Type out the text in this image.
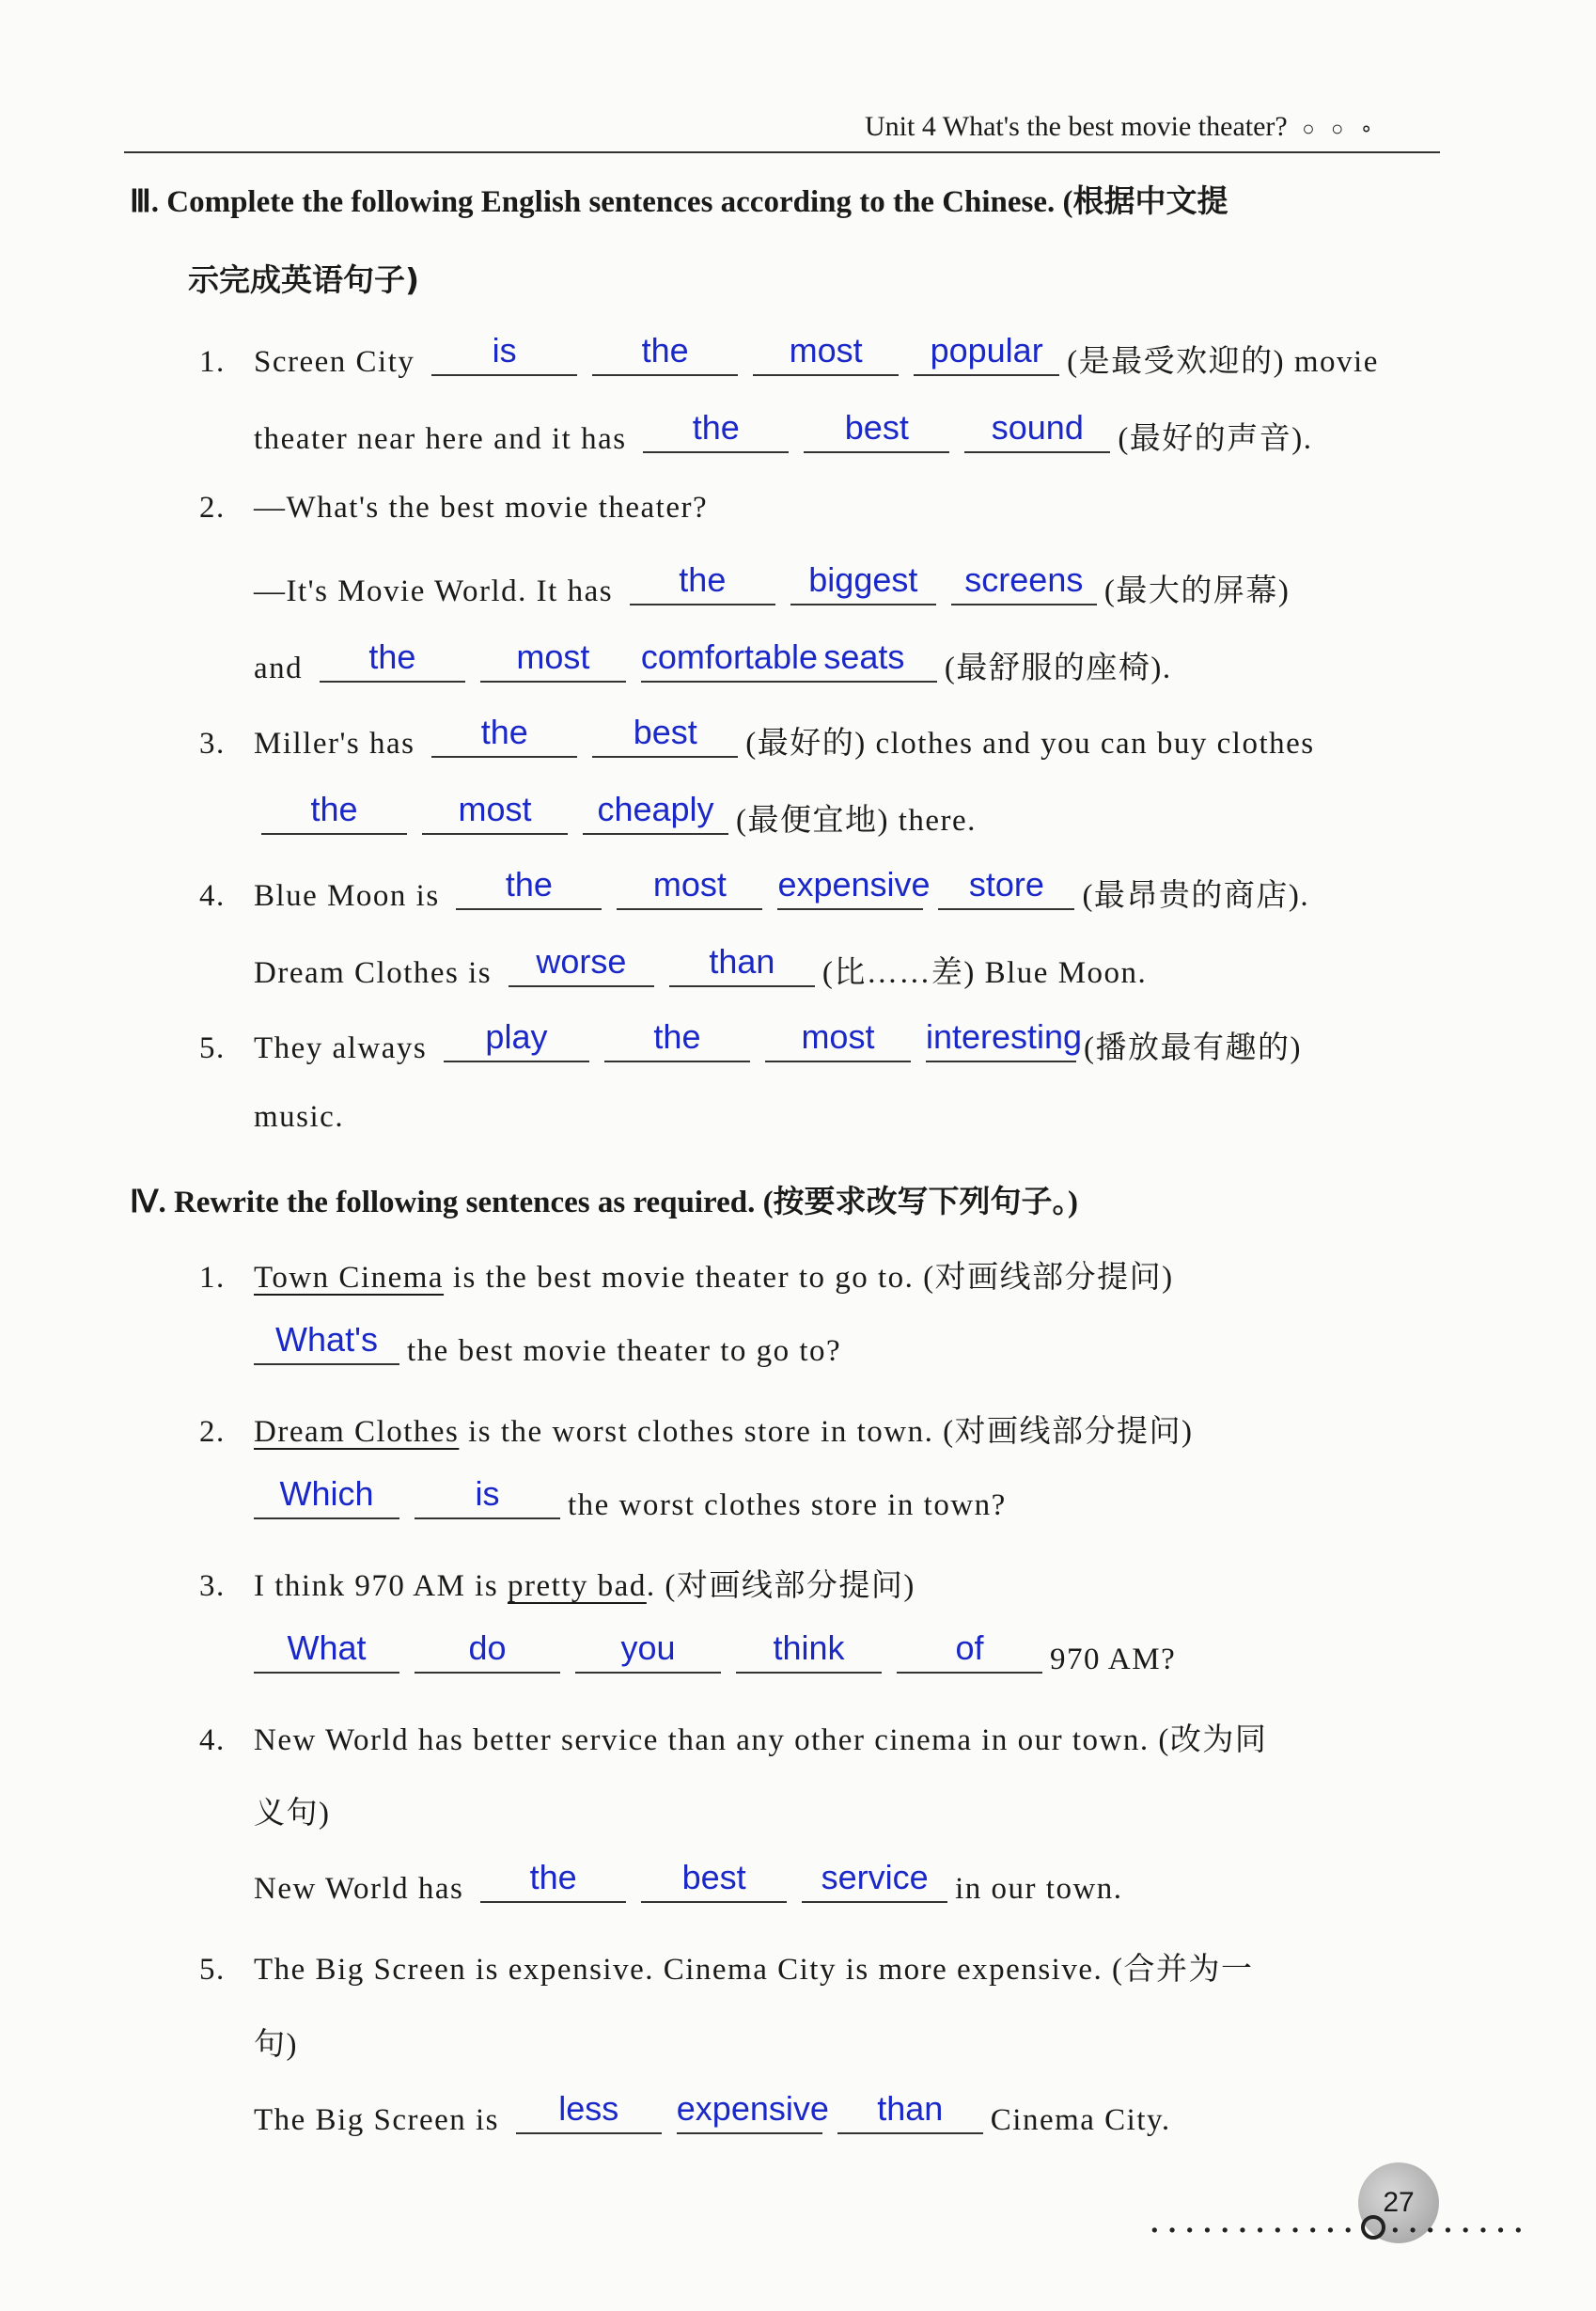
Unit 4 What's the best movie theater? ○ ○ ∘
Ⅲ. Complete the following English sentences according to the Chinese. (根据中文提
示完成英语句子)
1. Screen City is	the	most popular (是最受欢迎的) movie
theater near here and it has the	best sound (最好的声音).
2. —What's the best movie theater?
—It's Movie World. It has the biggest screens (最大的屏幕)
and the	most comfortable seats (最舒服的座椅).
3. Miller's has the	best (最好的) clothes and you can buy clothes
the	most cheaply (最便宜地) there.
4. Blue Moon is the	most expensive store (最昂贵的商店).
Dream Clothes is worse than (比……差) Blue Moon.
5. They always play	the	most interesting(播放最有趣的)
music.
Ⅳ. Rewrite the following sentences as required. (按要求改写下列句子。)
1. Town Cinema is the best movie theater to go to. (对画线部分提问)
What's the best movie theater to go to?
2. Dream Clothes is the worst clothes store in town. (对画线部分提问)
Which	is the worst clothes store in town?
3. I think 970 AM is pretty bad. (对画线部分提问)
What	do	you	think	of 970 AM?
4. New World has better service than any other cinema in our town. (改为同
义句)
New World has the	best service in our town.
5. The Big Screen is expensive. Cinema City is more expensive. (合并为一
句)
The Big Screen is less expensive than Cinema City.
27
············ ········
